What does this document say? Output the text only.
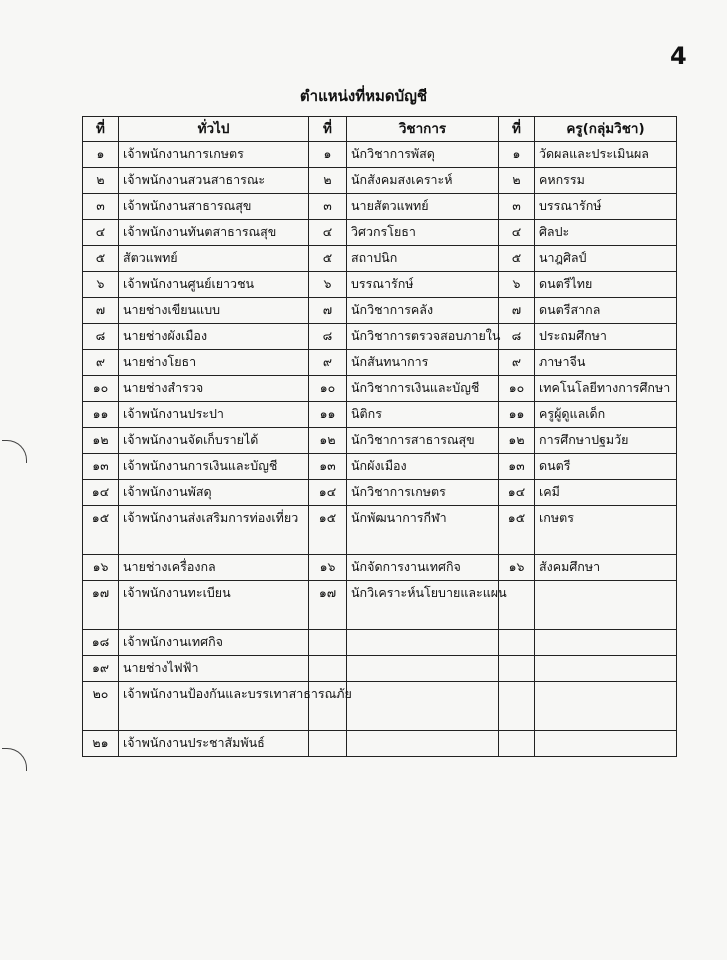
4
ตำแหน่งที่หมดบัญชี
ที่	ทั่วไป	ที่	วิชาการ	ที่	ครู(กลุ่มวิชา)
๑	เจ้าพนักงานการเกษตร	๑	นักวิชาการพัสดุ	๑	วัดผลและประเมินผล
๒	เจ้าพนักงานสวนสาธารณะ	๒	นักสังคมสงเคราะห์	๒	คหกรรม
๓	เจ้าพนักงานสาธารณสุข	๓	นายสัตวแพทย์	๓	บรรณารักษ์
๔	เจ้าพนักงานทันตสาธารณสุข	๔	วิศวกรโยธา	๔	ศิลปะ
๕	สัตวแพทย์	๕	สถาปนิก	๕	นาฎศิลป์
๖	เจ้าพนักงานศูนย์เยาวชน	๖	บรรณารักษ์	๖	ดนตรีไทย
๗	นายช่างเขียนแบบ	๗	นักวิชาการคลัง	๗	ดนตรีสากล
๘	นายช่างผังเมือง	๘	นักวิชาการตรวจสอบภายใน	๘	ประถมศึกษา
๙	นายช่างโยธา	๙	นักสันทนาการ	๙	ภาษาจีน
๑๐	นายช่างสำรวจ	๑๐	นักวิชาการเงินและบัญชี	๑๐	เทคโนโลยีทางการศึกษา
๑๑	เจ้าพนักงานประปา	๑๑	นิติกร	๑๑	ครูผู้ดูแลเด็ก
๑๒	เจ้าพนักงานจัดเก็บรายได้	๑๒	นักวิชาการสาธารณสุข	๑๒	การศึกษาปฐมวัย
๑๓	เจ้าพนักงานการเงินและบัญชี	๑๓	นักผังเมือง	๑๓	ดนตรี
๑๔	เจ้าพนักงานพัสดุ	๑๔	นักวิชาการเกษตร	๑๔	เคมี
๑๕	เจ้าพนักงานส่งเสริมการท่องเที่ยว	๑๕	นักพัฒนาการกีฬา	๑๕	เกษตร
๑๖	นายช่างเครื่องกล	๑๖	นักจัดการงานเทศกิจ	๑๖	สังคมศึกษา
๑๗	เจ้าพนักงานทะเบียน	๑๗	นักวิเคราะห์นโยบายและแผน		
๑๘	เจ้าพนักงานเทศกิจ				
๑๙	นายช่างไฟฟ้า				
๒๐	เจ้าพนักงานป้องกันและบรรเทาสาธารณภัย				
๒๑	เจ้าพนักงานประชาสัมพันธ์				
